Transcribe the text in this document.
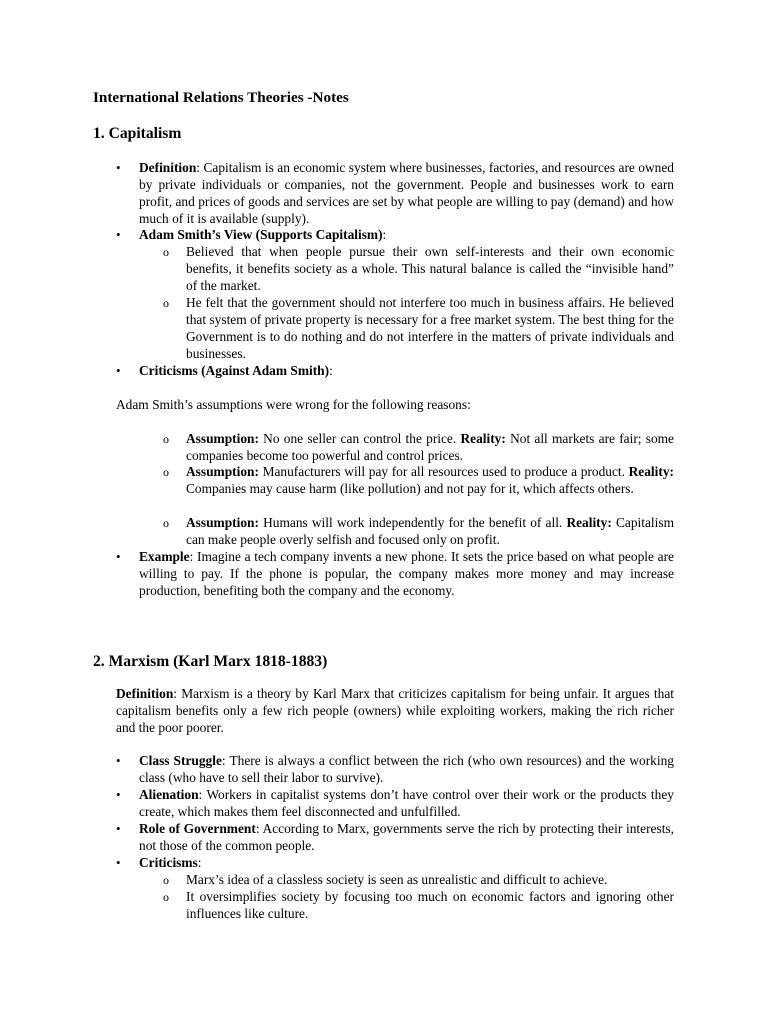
International Relations Theories -Notes
1. Capitalism
• Definition: Capitalism is an economic system where businesses, factories, and resources are owned by private individuals or companies, not the government. People and businesses work to earn profit, and prices of goods and services are set by what people are willing to pay (demand) and how much of it is available (supply).
• Adam Smith’s View (Supports Capitalism):
o Believed that when people pursue their own self-interests and their own economic benefits, it benefits society as a whole. This natural balance is called the “invisible hand” of the market.
o He felt that the government should not interfere too much in business affairs. He believed that system of private property is necessary for a free market system. The best thing for the Government is to do nothing and do not interfere in the matters of private individuals and businesses.
• Criticisms (Against Adam Smith):
Adam Smith’s assumptions were wrong for the following reasons:
o Assumption: No one seller can control the price. Reality: Not all markets are fair; some companies become too powerful and control prices.
o Assumption: Manufacturers will pay for all resources used to produce a product. Reality: Companies may cause harm (like pollution) and not pay for it, which affects others.
o Assumption: Humans will work independently for the benefit of all. Reality: Capitalism can make people overly selfish and focused only on profit.
• Example: Imagine a tech company invents a new phone. It sets the price based on what people are willing to pay. If the phone is popular, the company makes more money and may increase production, benefiting both the company and the economy.
2. Marxism (Karl Marx 1818-1883)
Definition: Marxism is a theory by Karl Marx that criticizes capitalism for being unfair. It argues that capitalism benefits only a few rich people (owners) while exploiting workers, making the rich richer and the poor poorer.
• Class Struggle: There is always a conflict between the rich (who own resources) and the working class (who have to sell their labor to survive).
• Alienation: Workers in capitalist systems don’t have control over their work or the products they create, which makes them feel disconnected and unfulfilled.
• Role of Government: According to Marx, governments serve the rich by protecting their interests, not those of the common people.
• Criticisms:
o Marx’s idea of a classless society is seen as unrealistic and difficult to achieve.
o It oversimplifies society by focusing too much on economic factors and ignoring other influences like culture.
